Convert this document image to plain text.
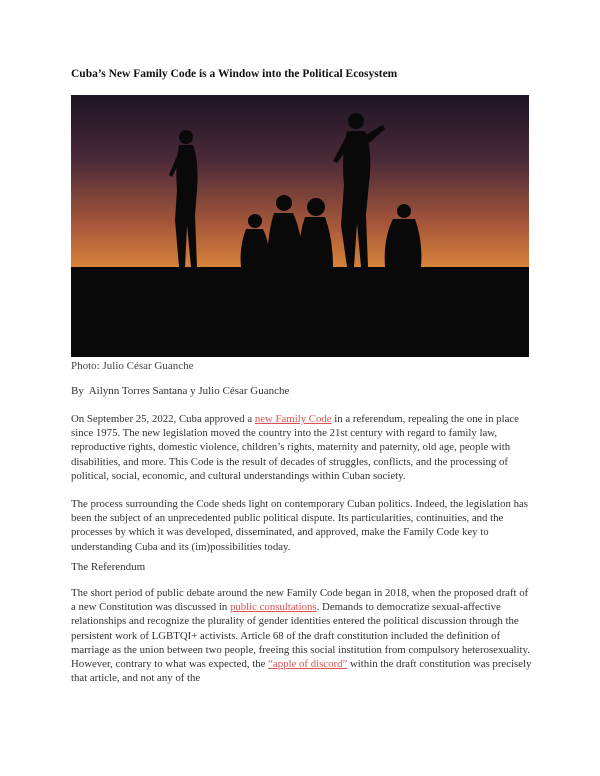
Cuba’s New Family Code is a Window into the Political Ecosystem
Photo: Julio César Guanche
By  Ailynn Torres Santana y Julio César Guanche

On September 25, 2022, Cuba approved a new Family Code in a referendum, repealing the one in place since 1975. The new legislation moved the country into the 21st century with regard to family law, reproductive rights, domestic violence, children’s rights, maternity and paternity, old age, people with disabilities, and more. This Code is the result of decades of struggles, conflicts, and the processing of political, social, economic, and cultural understandings within Cuban society.

The process surrounding the Code sheds light on contemporary Cuban politics. Indeed, the legislation has been the subject of an unprecedented public political dispute. Its particularities, continuities, and the processes by which it was developed, disseminated, and approved, make the Family Code key to understanding Cuba and its (im)possibilities today.

The Referendum

The short period of public debate around the new Family Code began in 2018, when the proposed draft of a new Constitution was discussed in public consultations. Demands to democratize sexual-affective relationships and recognize the plurality of gender identities entered the political discussion through the persistent work of LGBTQI+ activists. Article 68 of the draft constitution included the definition of marriage as the union between two people, freeing this social institution from compulsory heterosexuality. However, contrary to what was expected, the “apple of discord” within the draft constitution was precisely that article, and not any of the
